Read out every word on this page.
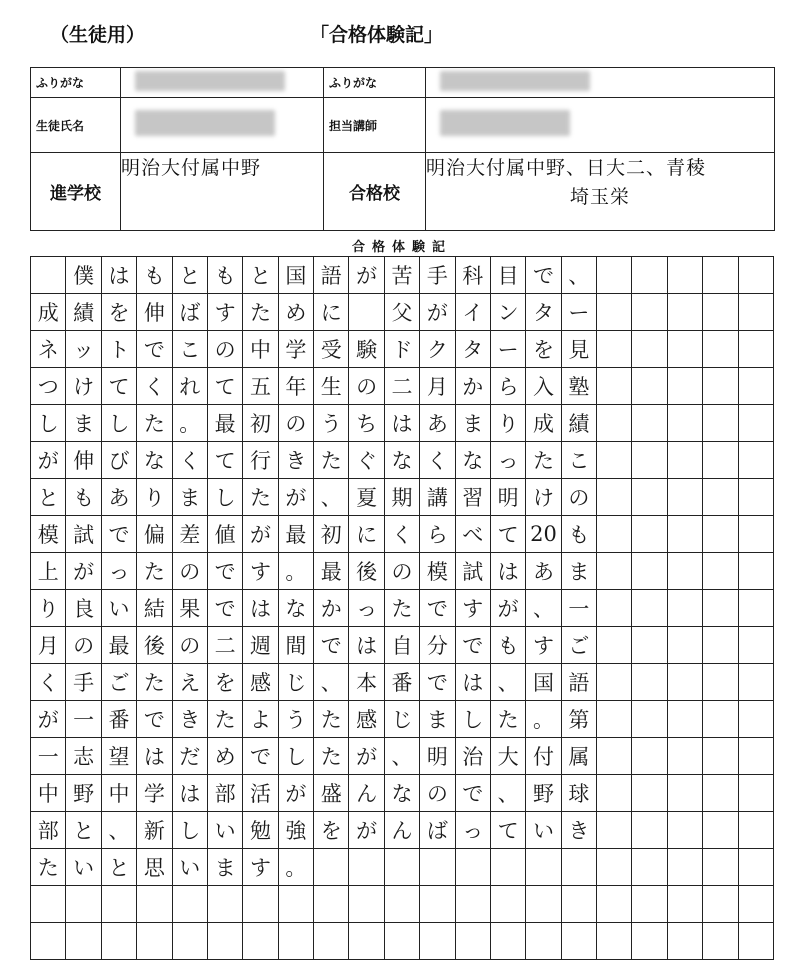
（生徒用）	「合格体験記」
ふりがな		ふりがな	
生徒氏名		担当講師	
進学校	明治大付属中野	合格校	明治大付属中野、日大二、青稜
埼玉栄
合格体験記
僕 は も と も と 国 語 が 苦 手 科 目 で 、
成 績 を 伸 ば す た め に	父 が イ ン タ ー
ネ ッ ト で こ の 中 学 受 験 ド ク タ ー を 見
つ け て く れ て 五 年 生 の 二 月 か ら 入 塾
し ま し た 。 最 初 の う ち は あ ま り 成 績
が 伸 び な く て 行 き た ぐ な く な っ た こ
と も あ り ま し た が 、 夏 期 講 習 明 け の
模 試 で 偏 差 値 が 最 初 に く ら べ て 20 も
上 が っ た の で す 。 最 後 の 模 試 は あ ま
り 良 い 結 果 で は な か っ た で す が 、 一
月 の 最 後 の 二 週 間 で は 自 分 で も す ご
く 手 ご た え を 感 じ 、 本 番 で は 、 国 語
が 一 番 で き た よ う た 感 じ ま し た 。 第
一 志 望 は だ め で し た が 、 明 治 大 付 属
中 野 中 学 は 部 活 が 盛 ん な の で 、 野 球
部 と 、 新 し い 勉 強 を が ん ば っ て い き
た い と 思 い ま す 。
